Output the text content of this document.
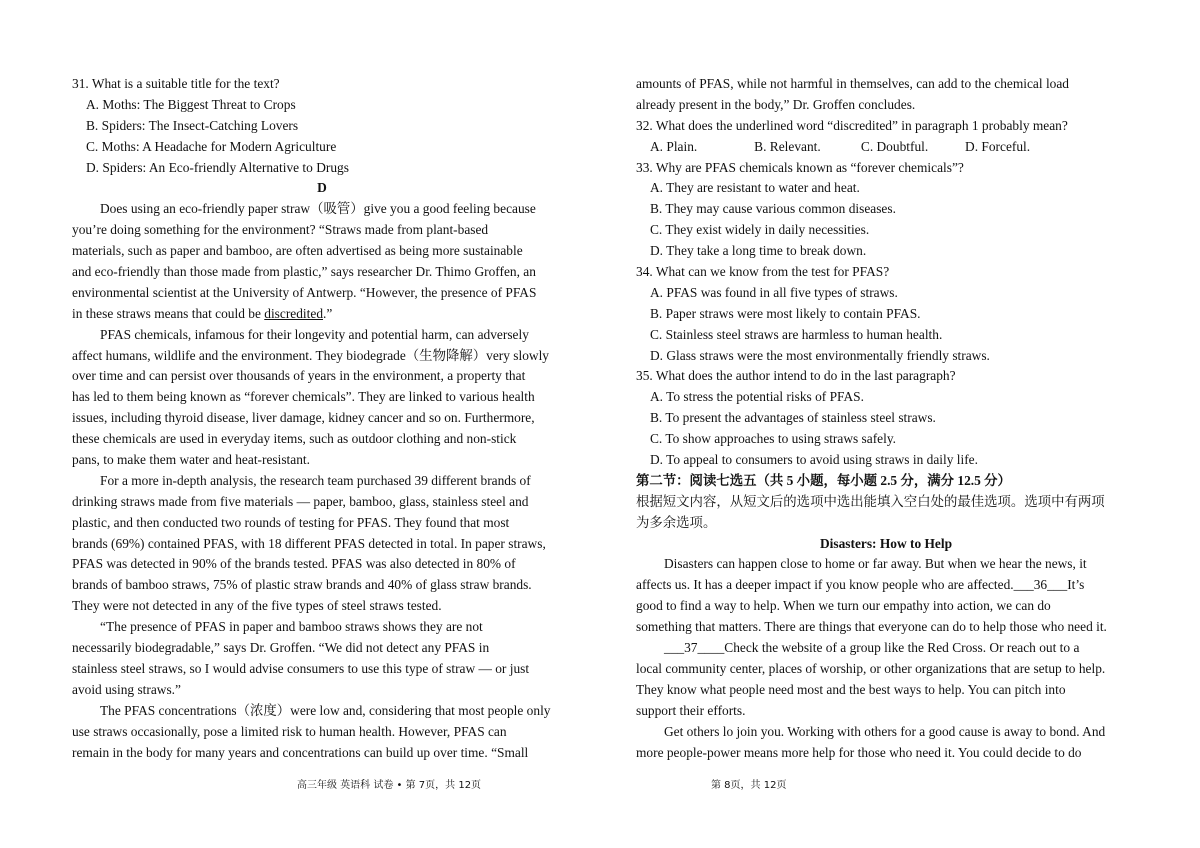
31. What is a suitable title for the text?
A. Moths: The Biggest Threat to Crops
B. Spiders: The Insect-Catching Lovers
C. Moths: A Headache for Modern Agriculture
D. Spiders: An Eco-friendly Alternative to Drugs
D
Does using an eco-friendly paper straw（吸管）give you a good feeling because
you’re doing something for the environment? “Straws made from plant-based
materials, such as paper and bamboo, are often advertised as being more sustainable
and eco-friendly than those made from plastic,” says researcher Dr. Thimo Groffen, an
environmental scientist at the University of Antwerp. “However, the presence of PFAS
in these straws means that could be discredited.”
PFAS chemicals, infamous for their longevity and potential harm, can adversely
affect humans, wildlife and the environment. They biodegrade（生物降解）very slowly
over time and can persist over thousands of years in the environment, a property that
has led to them being known as “forever chemicals”. They are linked to various health
issues, including thyroid disease, liver damage, kidney cancer and so on. Furthermore,
these chemicals are used in everyday items, such as outdoor clothing and non-stick
pans, to make them water and heat-resistant.
For a more in-depth analysis, the research team purchased 39 different brands of
drinking straws made from five materials — paper, bamboo, glass, stainless steel and
plastic, and then conducted two rounds of testing for PFAS. They found that most
brands (69%) contained PFAS, with 18 different PFAS detected in total. In paper straws,
PFAS was detected in 90% of the brands tested. PFAS was also detected in 80% of
brands of bamboo straws, 75% of plastic straw brands and 40% of glass straw brands.
They were not detected in any of the five types of steel straws tested.
“The presence of PFAS in paper and bamboo straws shows they are not
necessarily biodegradable,” says Dr. Groffen. “We did not detect any PFAS in
stainless steel straws, so I would advise consumers to use this type of straw — or just
avoid using straws.”
The PFAS concentrations（浓度）were low and, considering that most people only
use straws occasionally, pose a limited risk to human health. However, PFAS can
remain in the body for many years and concentrations can build up over time. “Small
amounts of PFAS, while not harmful in themselves, can add to the chemical load
already present in the body,” Dr. Groffen concludes.
32. What does the underlined word “discredited” in paragraph 1 probably mean?
A. Plain.                 B. Relevant.            C. Doubtful.           D. Forceful.
33. Why are PFAS chemicals known as “forever chemicals”?
A. They are resistant to water and heat.
B. They may cause various common diseases.
C. They exist widely in daily necessities.
D. They take a long time to break down.
34. What can we know from the test for PFAS?
A. PFAS was found in all five types of straws.
B. Paper straws were most likely to contain PFAS.
C. Stainless steel straws are harmless to human health.
D. Glass straws were the most environmentally friendly straws.
35. What does the author intend to do in the last paragraph?
A. To stress the potential risks of PFAS.
B. To present the advantages of stainless steel straws.
C. To show approaches to using straws safely.
D. To appeal to consumers to avoid using straws in daily life.
第二节：阅读七选五（共 5 小题，每小题 2.5 分，满分 12.5 分）
根据短文内容，从短文后的选项中选出能填入空白处的最佳选项。选项中有两项
为多余选项。
Disasters: How to Help
Disasters can happen close to home or far away. But when we hear the news, it
affects us. It has a deeper impact if you know people who are affected.___36___It’s
good to find a way to help. When we turn our empathy into action, we can do
something that matters. There are things that everyone can do to help those who need it.
___37____Check the website of a group like the Red Cross. Or reach out to a
local community center, places of worship, or other organizations that are setup to help.
They know what people need most and the best ways to help. You can pitch into
support their efforts.
Get others lo join you. Working with others for a good cause is away to bond. And
more people-power means more help for those who need it. You could decide to do
高三年级 英语科 试卷 • 第 7页，共 12页	第 8页，共 12页
